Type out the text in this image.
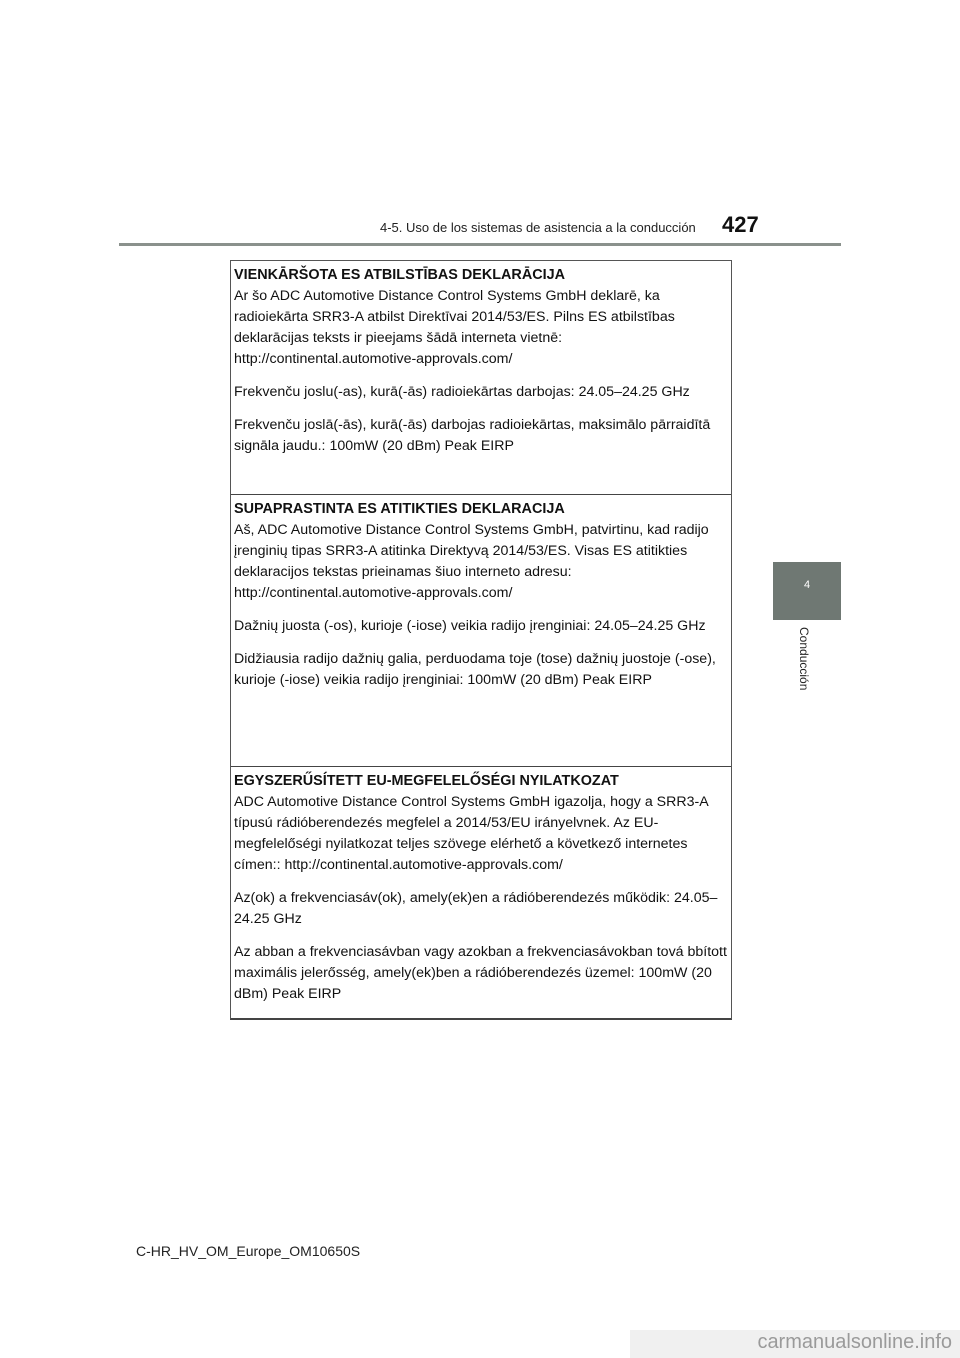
4-5. Uso de los sistemas de asistencia a la conducción 427
4
Conducción

VIENKĀRŠOTA ES ATBILSTĪBAS DEKLARĀCIJA

Ar šo ADC Automotive Distance Control Systems GmbH deklarē, ka radioiekārta SRR3-A atbilst Direktīvai 2014/53/ES. Pilns ES atbilstības deklarācijas teksts ir pieejams šādā interneta vietnē: http://continental.automotive-approvals.com/

Frekvenču joslu(-as), kurā(-ās) radioiekārtas darbojas: 24.05–24.25 GHz

Frekvenču joslā(-ās), kurā(-ās) darbojas radioiekārtas, maksimālo pārraidītā signāla jaudu.: 100mW (20 dBm) Peak EIRP

SUPAPRASTINTA ES ATITIKTIES DEKLARACIJA

Aš, ADC Automotive Distance Control Systems GmbH, patvirtinu, kad radijo įrenginių tipas SRR3-A atitinka Direktyvą 2014/53/ES. Visas ES atitikties deklaracijos tekstas prieinamas šiuo interneto adresu: http://continental.automotive-approvals.com/

Dažnių juosta (-os), kurioje (-iose) veikia radijo įrenginiai: 24.05–24.25 GHz

Didžiausia radijo dažnių galia, perduodama toje (tose) dažnių juostoje (-ose), kurioje (-iose) veikia radijo įrenginiai: 100mW (20 dBm) Peak EIRP

EGYSZERŰSÍTETT EU-MEGFELELŐSÉGI NYILATKOZAT

ADC Automotive Distance Control Systems GmbH igazolja, hogy a SRR3-A típusú rádióberendezés megfelel a 2014/53/EU irányelvnek. Az EU-megfelelőségi nyilatkozat teljes szövege elérhető a következő internetes címen:: http://continental.automotive-approvals.com/

Az(ok) a frekvenciasáv(ok), amely(ek)en a rádióberendezés működik: 24.05–24.25 GHz

Az abban a frekvenciasávban vagy azokban a frekvenciasávokban tová bbított maximális jelerősség, amely(ek)ben a rádióberendezés üzemel: 100mW (20 dBm) Peak EIRP

C-HR_HV_OM_Europe_OM10650S
carmanualsonline.info
